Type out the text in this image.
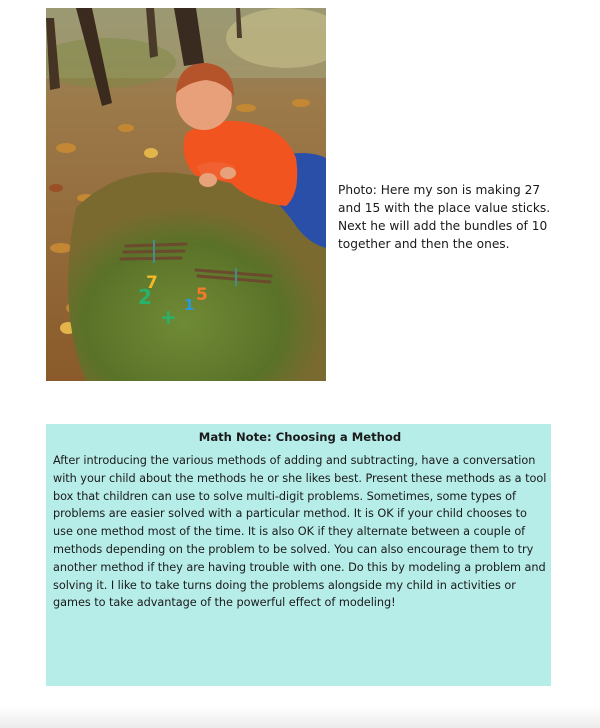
2
7
5
1
+
Photo: Here my son is making 27 and 15 with the place value sticks. Next he will add the bundles of 10 together and then the ones.
Math Note: Choosing a Method

After introducing the various methods of adding and subtracting, have a conversation with your child about the methods he or she likes best. Present these methods as a tool box that children can use to solve multi-digit problems. Sometimes, some types of problems are easier solved with a particular method. It is OK if your child chooses to use one method most of the time. It is also OK if they alternate between a couple of methods depending on the problem to be solved. You can also encourage them to try another method if they are having trouble with one. Do this by modeling a problem and solving it. I like to take turns doing the problems alongside my child in activities or games to take advantage of the powerful effect of modeling!
